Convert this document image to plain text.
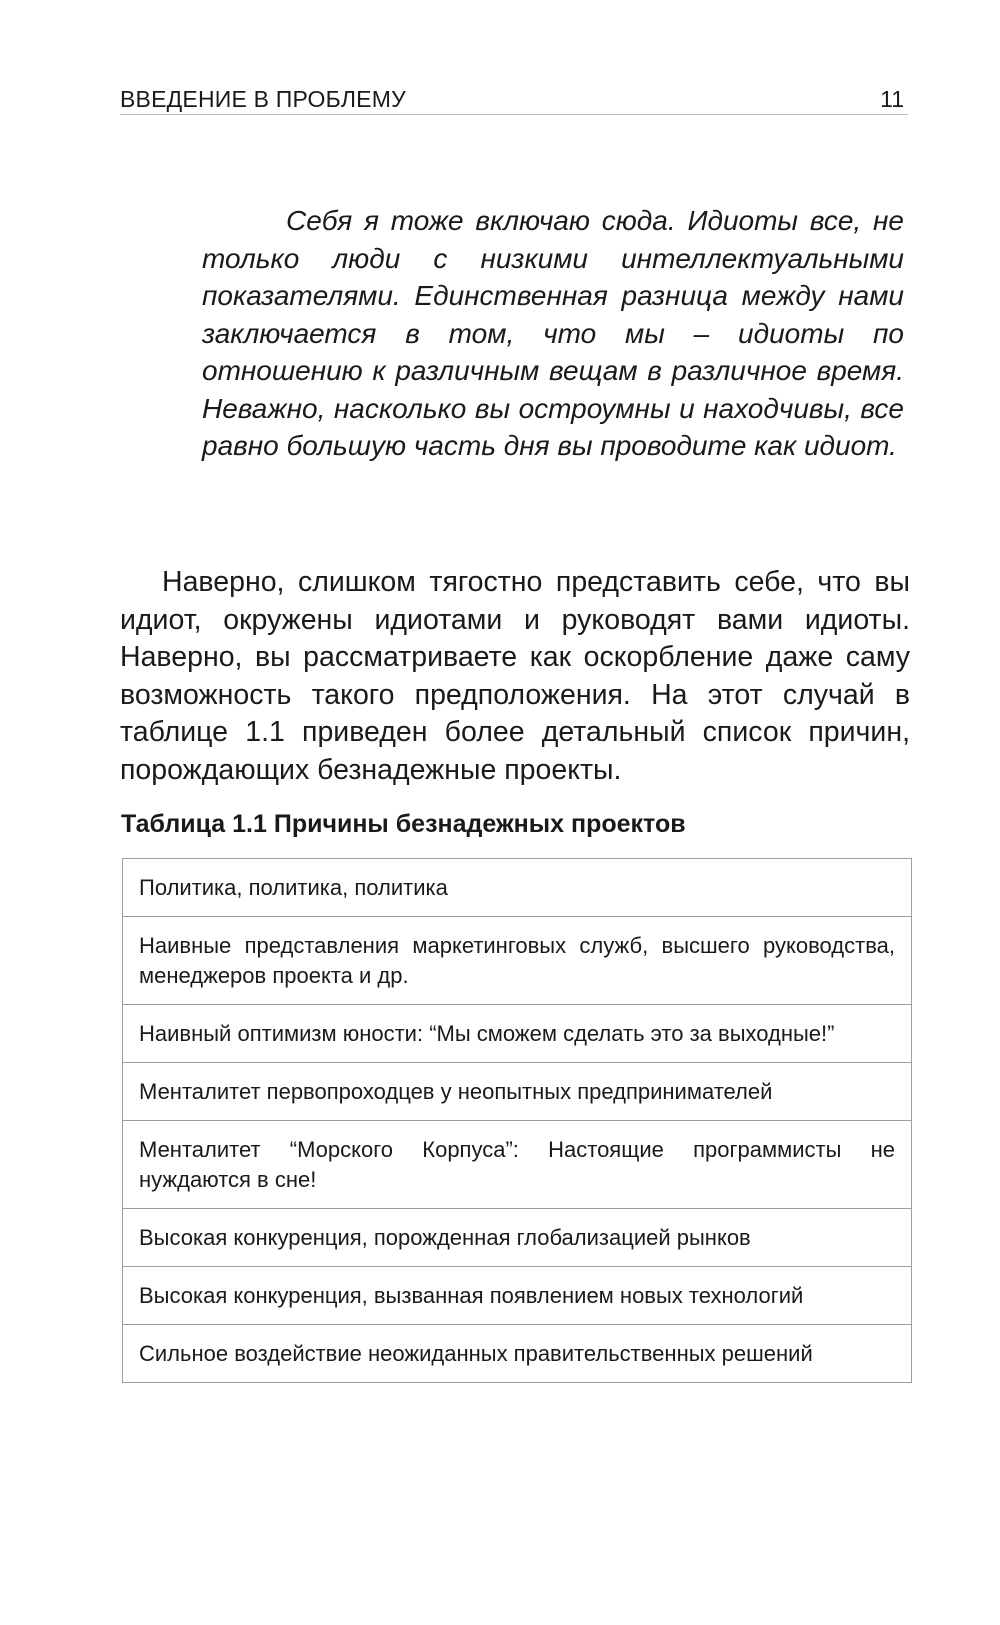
ВВЕДЕНИЕ В ПРОБЛЕМУ	11

Себя я тоже включаю сюда. Идиоты все, не только люди с низкими интеллектуальными показателями. Единственная разница между нами заключается в том, что мы – идиоты по отношению к различным вещам в различное время. Неважно, насколько вы остроумны и находчивы, все равно большую часть дня вы проводите как идиот.

Наверно, слишком тягостно представить себе, что вы идиот, окружены идиотами и руководят вами идиоты. Наверно, вы рассматриваете как оскорбление даже саму возможность такого предположения. На этот случай в таблице 1.1 приведен более детальный список причин, порождающих безнадежные проекты.

Таблица 1.1 Причины безнадежных проектов

Политика, политика, политика
Наивные представления маркетинговых служб, высшего руководства, менеджеров проекта и др.
Наивный оптимизм юности: “Мы сможем сделать это за выходные!”
Менталитет первопроходцев у неопытных предпринимателей
Менталитет “Морского Корпуса”: Настоящие программисты не нуждаются в сне!
Высокая конкуренция, порожденная глобализацией рынков
Высокая конкуренция, вызванная появлением новых технологий
Сильное воздействие неожиданных правительственных решений
